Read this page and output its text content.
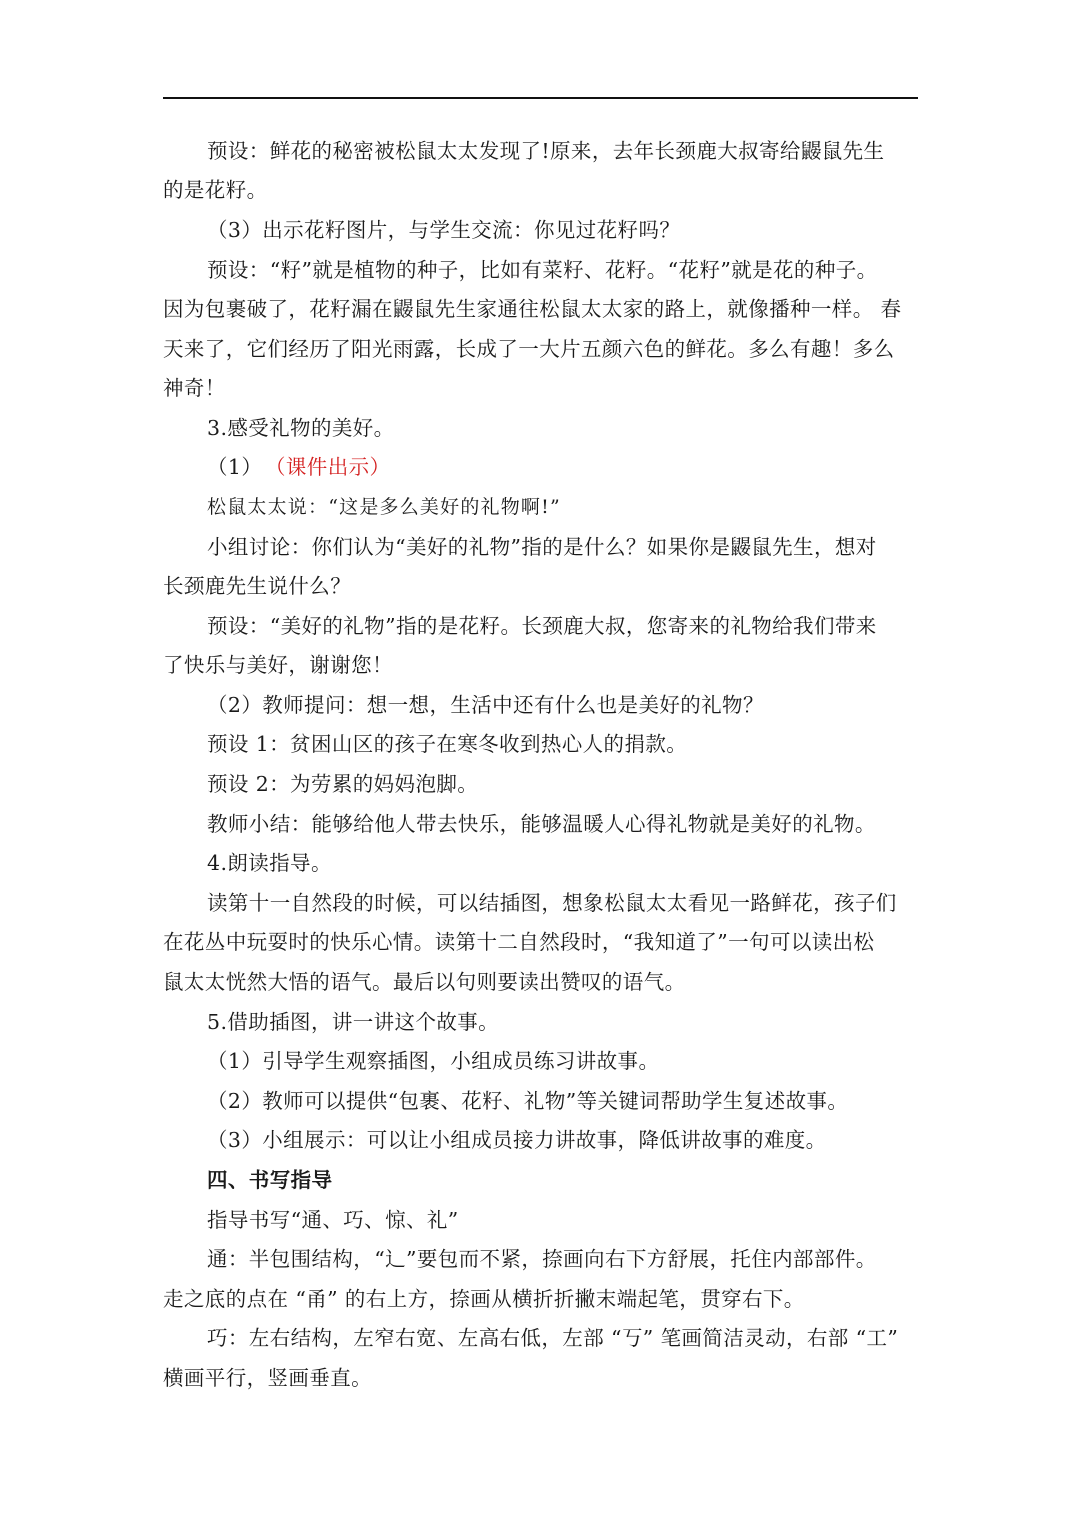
预设：鲜花的秘密被松鼠太太发现了!原来，去年长颈鹿大叔寄给鼹鼠先生

的是花籽。

（3）出示花籽图片，与学生交流：你见过花籽吗？

预设：“籽”就是植物的种子，比如有菜籽、花籽。“花籽”就是花的种子。

因为包裹破了，花籽漏在鼹鼠先生家通往松鼠太太家的路上，就像播种一样。 春

天来了，它们经历了阳光雨露，长成了一大片五颜六色的鲜花。多么有趣！多么

神奇！

3.感受礼物的美好。

（1） （课件出示）

松鼠太太说：“这是多么美好的礼物啊!”

小组讨论：你们认为“美好的礼物”指的是什么？如果你是鼹鼠先生，想对

长颈鹿先生说什么？

预设：“美好的礼物”指的是花籽。长颈鹿大叔，您寄来的礼物给我们带来

了快乐与美好，谢谢您！

（2）教师提问：想一想，生活中还有什么也是美好的礼物？

预设 1：贫困山区的孩子在寒冬收到热心人的捐款。

预设 2：为劳累的妈妈泡脚。

教师小结：能够给他人带去快乐，能够温暖人心得礼物就是美好的礼物。

4.朗读指导。

读第十一自然段的时候，可以结插图，想象松鼠太太看见一路鲜花，孩子们

在花丛中玩耍时的快乐心情。读第十二自然段时，“我知道了”一句可以读出松

鼠太太恍然大悟的语气。最后以句则要读出赞叹的语气。

5.借助插图，讲一讲这个故事。

（1）引导学生观察插图，小组成员练习讲故事。

（2）教师可以提供“包裹、花籽、礼物”等关键词帮助学生复述故事。

（3）小组展示：可以让小组成员接力讲故事，降低讲故事的难度。

四、书写指导

指导书写“通、巧、惊、礼”

通：半包围结构，“辶”要包而不紧，捺画向右下方舒展，托住内部部件。

走之底的点在 “甬” 的右上方，捺画从横折折撇末端起笔，贯穿右下。

巧：左右结构，左窄右宽、左高右低，左部 “丂” 笔画简洁灵动，右部 “工”

横画平行，竖画垂直。
